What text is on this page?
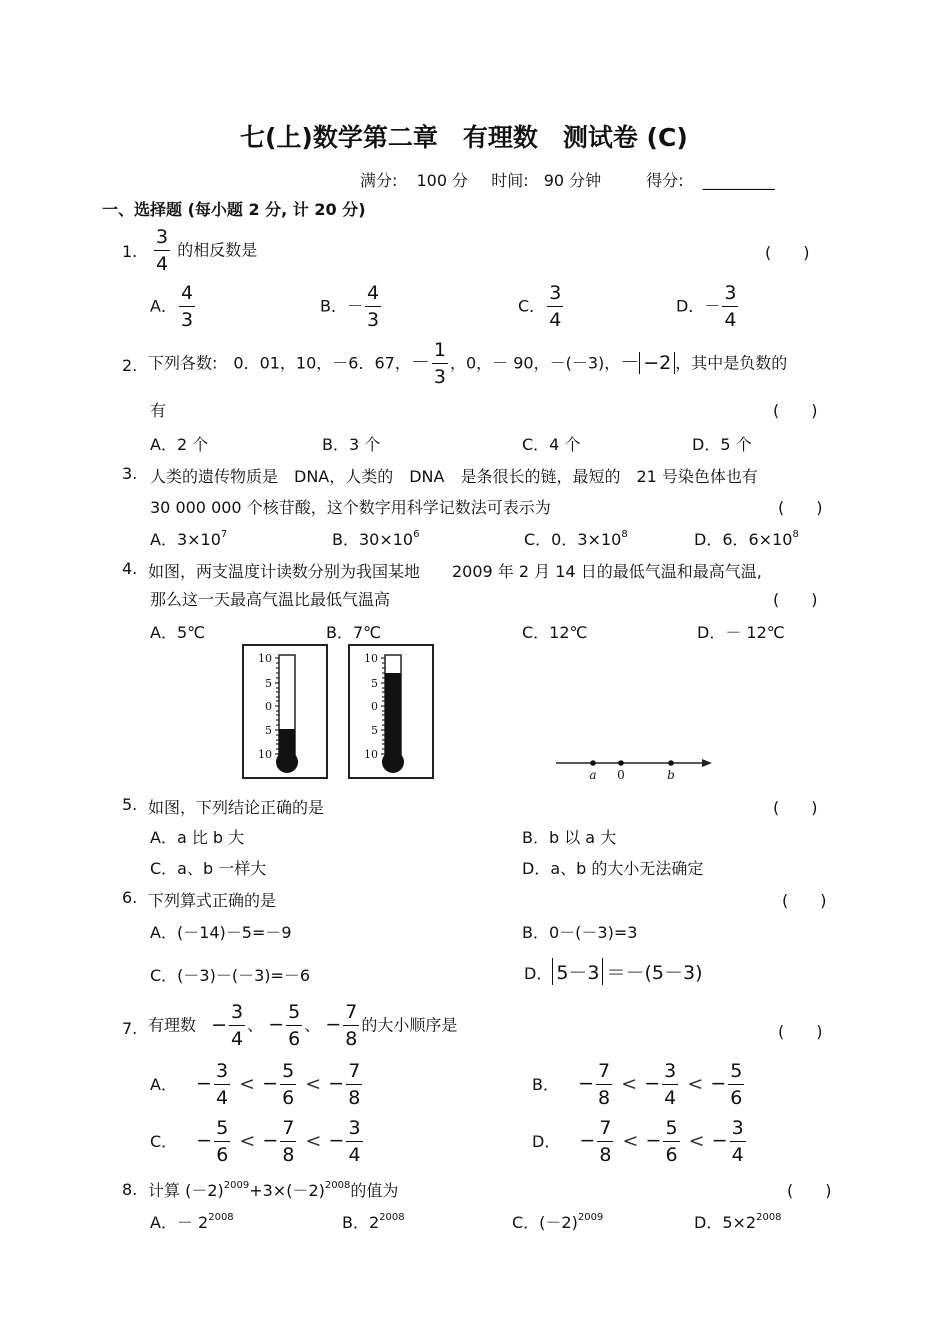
七(上)数学第二章　有理数　测试卷 (C)
满分: 100 分 时间: 90 分钟	得分: _________
一、选择题 (每小题 2 分, 计 20 分)
1. $\frac{3}{4}$ 的相反数是	(　　)
A． $\frac{4}{3}$	B．－ $\frac{4}{3}$	C． $\frac{3}{4}$	D．－ $\frac{3}{4}$
2. 下列各数:　0．01，10，－6．67，－ $\frac{1}{3}$ ，0，－ 90，－(－3)，－ −2 ，其中是负数的
有	(　　)
A．2 个	B．3 个	C．4 个	D．5 个
3. 人类的遗传物质是　DNA，人类的　DNA　是条很长的链，最短的　21 号染色体也有
30 000 000 个核苷酸，这个数字用科学记数法可表示为	(　　)
A．$3\times 10^7$	B．$30\times 10^6$	C．0．$3\times 10^8$	D．6．$6\times 10^8$
4. 如图，两支温度计读数分别为我国某地　　2009 年 2 月 14 日的最低气温和最高气温,
那么这一天最高气温比最低气温高	(　　)
A．5℃	B．7℃	C．12℃	D．－ 12℃
10
5
0
5
10
10
5
0
5
10
a 0	b
5. 如图，下列结论正确的是	(　　)
A．a 比 b 大	B．b 以 a 大
C．a、b 一样大	D．a、b 的大小无法确定
6. 下列算式正确的是	(　　)
A．(－14)－5=－9	B．0－(－3)=3
C．(－3)－(－3)=－6	D． 5－3 ＝－(5－3)
7. 有理数 − $\frac{3}{4}$ 、 − $\frac{5}{6}$ 、 − $\frac{7}{8}$ 的大小顺序是	(　　)
A． − $\frac{3}{4}$ < − $\frac{5}{6}$ < − $\frac{7}{8}$	B． − $\frac{7}{8}$ < − $\frac{3}{4}$ < − $\frac{5}{6}$
C． − $\frac{5}{6}$ < − $\frac{7}{8}$ < − $\frac{3}{4}$	D． − $\frac{7}{8}$ < − $\frac{5}{6}$ < − $\frac{3}{4}$
8. 计算 $(-2)^{2009}+3\times(-2)^{2008}$的值为	(　　)
A．－ $2^{2008}$	B．$2^{2008}$	C．$(-2)^{2009}$	D．$5\times 2^{2008}$
